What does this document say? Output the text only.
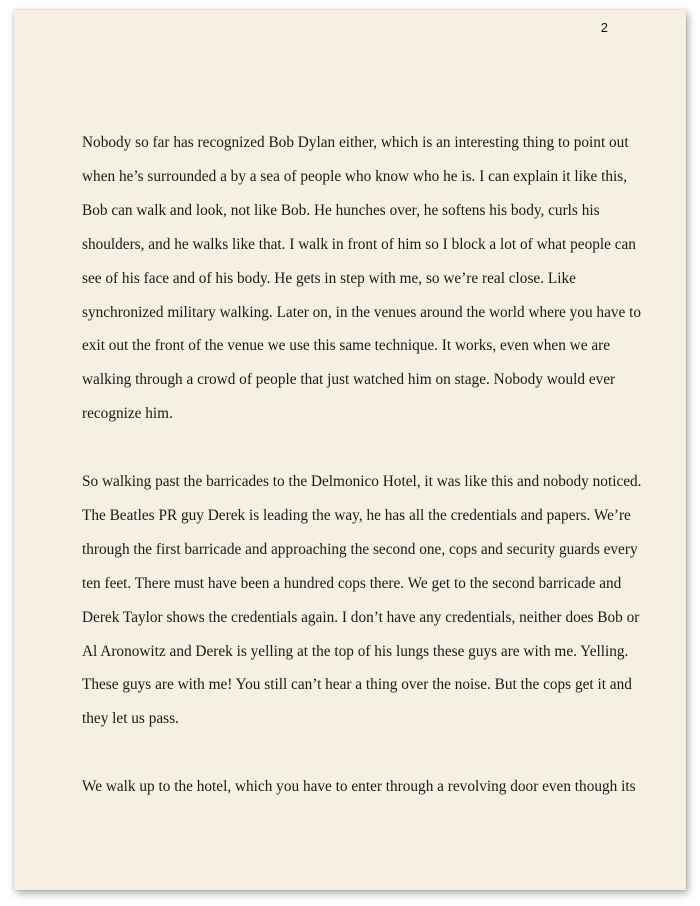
2
Nobody so far has recognized Bob Dylan either, which is an interesting thing to point out
when he’s surrounded a by a sea of people who know who he is. I can explain it like this,
Bob can walk and look, not like Bob. He hunches over, he softens his body, curls his
shoulders, and he walks like that. I walk in front of him so I block a lot of what people can
see of his face and of his body. He gets in step with me, so we’re real close. Like
synchronized military walking. Later on, in the venues around the world where you have to
exit out the front of the venue we use this same technique. It works, even when we are
walking through a crowd of people that just watched him on stage. Nobody would ever
recognize him.
So walking past the barricades to the Delmonico Hotel, it was like this and nobody noticed.
The Beatles PR guy Derek is leading the way, he has all the credentials and papers. We’re
through the first barricade and approaching the second one, cops and security guards every
ten feet. There must have been a hundred cops there. We get to the second barricade and
Derek Taylor shows the credentials again. I don’t have any credentials, neither does Bob or
Al Aronowitz and Derek is yelling at the top of his lungs these guys are with me. Yelling.
These guys are with me! You still can’t hear a thing over the noise. But the cops get it and
they let us pass.
We walk up to the hotel, which you have to enter through a revolving door even though its
